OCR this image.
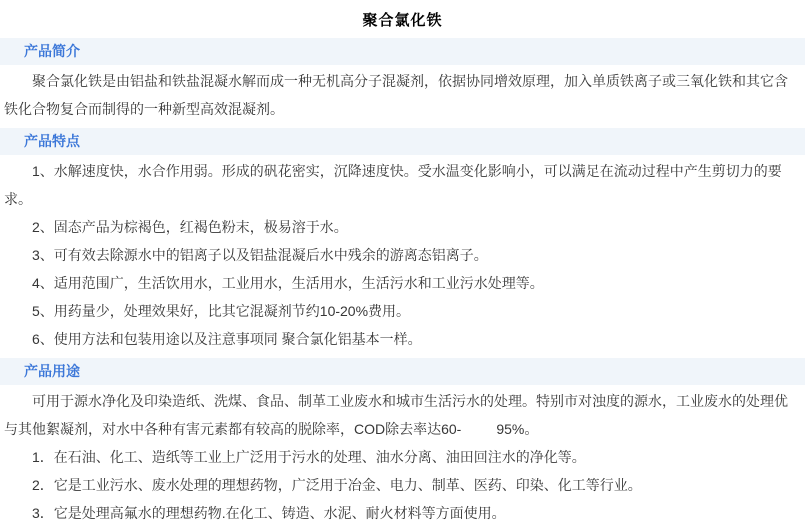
聚合氯化铁
产品简介

聚合氯化铁是由铝盐和铁盐混凝水解而成一种无机高分子混凝剂，依据协同增效原理，加入单质铁离子或三氧化铁和其它含铁化合物复合而制得的一种新型高效混凝剂。

产品特点

1、水解速度快，水合作用弱。形成的矾花密实，沉降速度快。受水温变化影响小，可以满足在流动过程中产生剪切力的要求。

2、固态产品为棕褐色，红褐色粉末，极易溶于水。

3、可有效去除源水中的铝离子以及铝盐混凝后水中残余的游离态铝离子。

4、适用范围广，生活饮用水，工业用水，生活用水，生活污水和工业污水处理等。

5、用药量少，处理效果好，比其它混凝剂节约10-20%费用。

6、使用方法和包装用途以及注意事项同 聚合氯化铝基本一样。

产品用途

可用于源水净化及印染造纸、洗煤、食品、制革工业废水和城市生活污水的处理。特别市对浊度的源水，工业废水的处理优与其他絮凝剂，对水中各种有害元素都有较高的脱除率，COD除去率达60-         95%。

1．在石油、化工、造纸等工业上广泛用于污水的处理、油水分离、油田回注水的净化等。

2．它是工业污水、废水处理的理想药物，广泛用于冶金、电力、制革、医药、印染、化工等行业。

3．它是处理高氟水的理想药物.在化工、铸造、水泥、耐火材料等方面使用。
